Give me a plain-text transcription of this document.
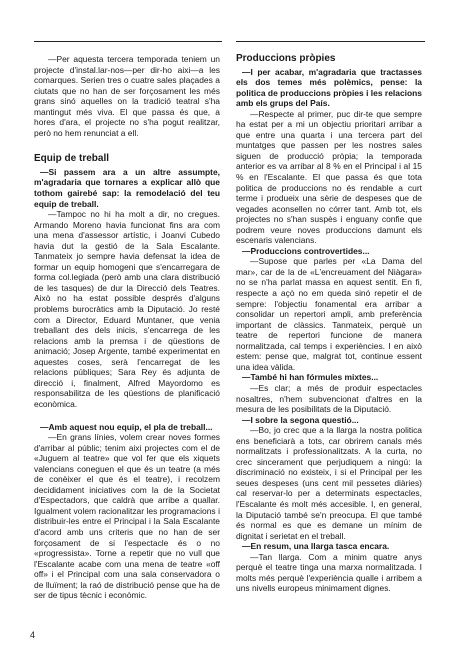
—Per aquesta tercera temporada teniem un projecte d'instal.lar-nos—per dir-ho aixi—a les comarques. Serien tres o cuatre sales plaçades a ciutats que no han de ser forçosament les més grans sinó aquelles on la tradició teatral s'ha mantingut més viva. El que passa és que, a hores d'ara, el projecte no s'ha pogut realitzar, però no hem renunciat a ell.

Equip de treball

—Si passem ara a un altre assumpte, m'agradaria que tornares a explicar allò que tothom gairebé sap: la remodelació del teu equip de treball.

—Tampoc no hi ha molt a dir, no cregues. Armando Moreno havia funcionat fins ara com una mena d'assessor artístic, i Joanvi Cubedo havia dut la gestió de la Sala Escalante. Tanmateix jo sempre havia defensat la idea de formar un equip homogeni que s'encarregara de forma col.legiada (però amb una clara distribució de les tasques) de dur la Direcció dels Teatres. Això no ha estat possible després d'alguns problems burocràtics amb la Diputació. Jo resté com a Director, Eduard Muntaner, que venia treballant des dels inicis, s'encarrega de les relacions amb la premsa i de qüestions de animació; Josep Argente, també experimentat en aquestes coses, serà l'encarregat de les relacions públiques; Sara Rey és adjunta de direcció i, finalment, Alfred Mayordomo es responsabilitza de les qüestions de planificació econòmica.

—Amb aquest nou equip, el pla de treball...

—En grans línies, volem crear noves formes d'arribar al públic; tenim aixi projectes com el de «Juguem al teatre» que vol fer que els xiquets valencians coneguen el que és un teatre (a més de conèixer el que és el teatre), i recolzem decididament iniciatives com la de la Societat d'Espectadors, que caldrà que arribe a quallar. Igualment volem racionalitzar les programacions i distribuir-les entre el Principal i la Sala Escalante d'acord amb uns criteris que no han de ser forçosament de si l'espectacle és o no «progressista». Torne a repetir que no vull que l'Escalante acabe com una mena de teatre «off off» i el Principal com una sala conservadora o de lluïment; la raó de distribució pense que ha de ser de tipus tècnic i econòmic.

Produccions pròpies

—I per acabar, m'agradaria que tractasses els dos temes més polèmics, pense: la politica de produccions pròpies i les relacions amb els grups del País.

—Respecte al primer, puc dir-te que sempre ha estat per a mi un objectiu prioritari arribar a que entre una quarta i una tercera part del muntatges que passen per les nostres sales siguen de producció pròpia; la temporada anterior es va arribar al 8 % en el Principal i al 15 % en l'Escalante. El que passa és que tota politica de produccions no és rendable a curt terme i produeix una sèrie de despeses que de vegades aconsellen no córrer tant. Amb tot, els projectes no s'han suspès i enguany confie que podrem veure noves produccions damunt els escenaris valencians.

—Produccions controvertides...

—Supose que parles per «La Dama del mar», car de la de «L'encreuament del Niàgara» no se n'ha parlat massa en aquest sentit. En fi, respecte a açò no em queda sinó repetir el de sempre: l'objectiu fonamental era arribar a consolidar un repertori ampli, amb preferència important de clàssics. Tanmateix, perquè un teatre de repertori funcione de manera normalitzada, cal temps i experiències. I en això estem: pense que, malgrat tot, continue essent una idea vàlida.

—També hi han fórmules mixtes...

—Es clar; a més de produir espectacles nosaltres, n'hem subvencionat d'altres en la mesura de les posibilitats de la Diputació.

—I sobre la segona questió...

—Bo, jo crec que a la llarga la nostra politica ens beneficiarà a tots, car obrirem canals més normalitzats i professionalitzats. A la curta, no crec sincerament que perjudiquem a ningú: la discriminació no existeix, i si el Principal per les seues despeses (uns cent mil pessetes diàries) cal reservar-lo per a determinats espectacles, l'Escalante és molt més accesible. I, en general, la Diputació també se'n preocupa. El que també és normal es que es demane un mínim de dignitat i serietat en el treball.

—En resum, una llarga tasca encara.

—Tan llarga. Com a minim quatre anys perquè el teatre tinga una marxa normalitzada. I molts més perquè l'experiència qualle i arribem a uns nivells europeus minimament dignes.

4
